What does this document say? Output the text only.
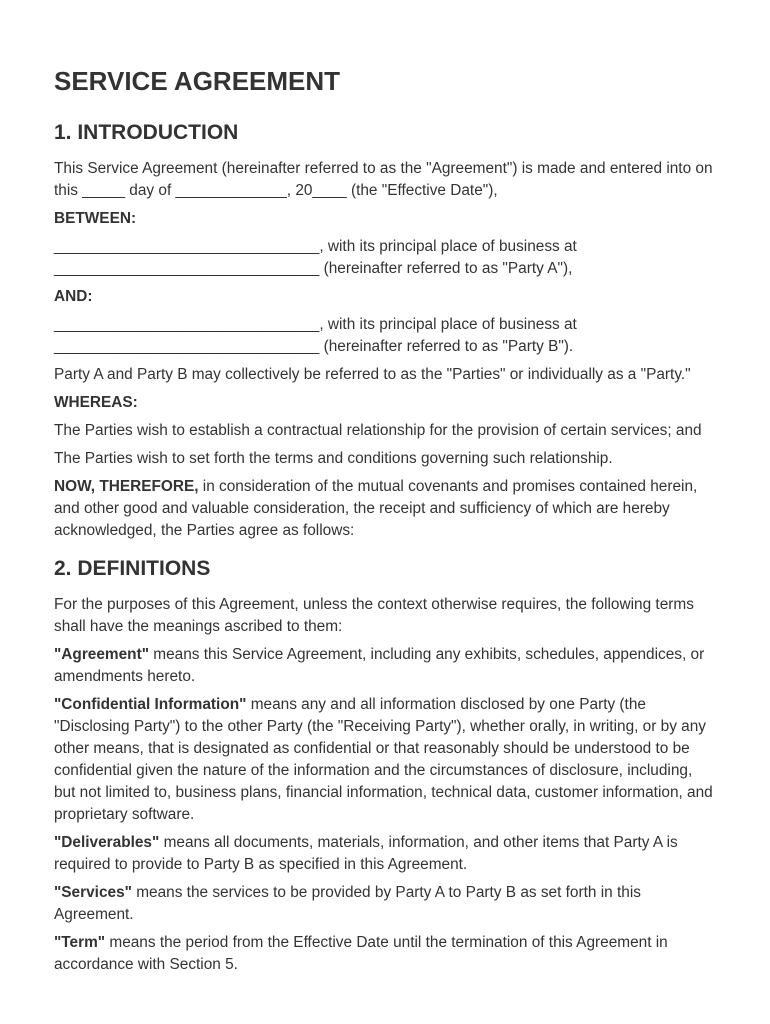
SERVICE AGREEMENT
1. INTRODUCTION

This Service Agreement (hereinafter referred to as the "Agreement") is made and entered into on this _____ day of _____________, 20____ (the "Effective Date"),

BETWEEN:

_______________________________, with its principal place of business at
_______________________________ (hereinafter referred to as "Party A"),

AND:

_______________________________, with its principal place of business at
_______________________________ (hereinafter referred to as "Party B").

Party A and Party B may collectively be referred to as the "Parties" or individually as a "Party."

WHEREAS:

The Parties wish to establish a contractual relationship for the provision of certain services; and

The Parties wish to set forth the terms and conditions governing such relationship.

NOW, THEREFORE, in consideration of the mutual covenants and promises contained herein, and other good and valuable consideration, the receipt and sufficiency of which are hereby acknowledged, the Parties agree as follows:

2. DEFINITIONS

For the purposes of this Agreement, unless the context otherwise requires, the following terms shall have the meanings ascribed to them:

"Agreement" means this Service Agreement, including any exhibits, schedules, appendices, or amendments hereto.

"Confidential Information" means any and all information disclosed by one Party (the "Disclosing Party") to the other Party (the "Receiving Party"), whether orally, in writing, or by any other means, that is designated as confidential or that reasonably should be understood to be confidential given the nature of the information and the circumstances of disclosure, including, but not limited to, business plans, financial information, technical data, customer information, and proprietary software.

"Deliverables" means all documents, materials, information, and other items that Party A is required to provide to Party B as specified in this Agreement.

"Services" means the services to be provided by Party A to Party B as set forth in this Agreement.

"Term" means the period from the Effective Date until the termination of this Agreement in accordance with Section 5.
